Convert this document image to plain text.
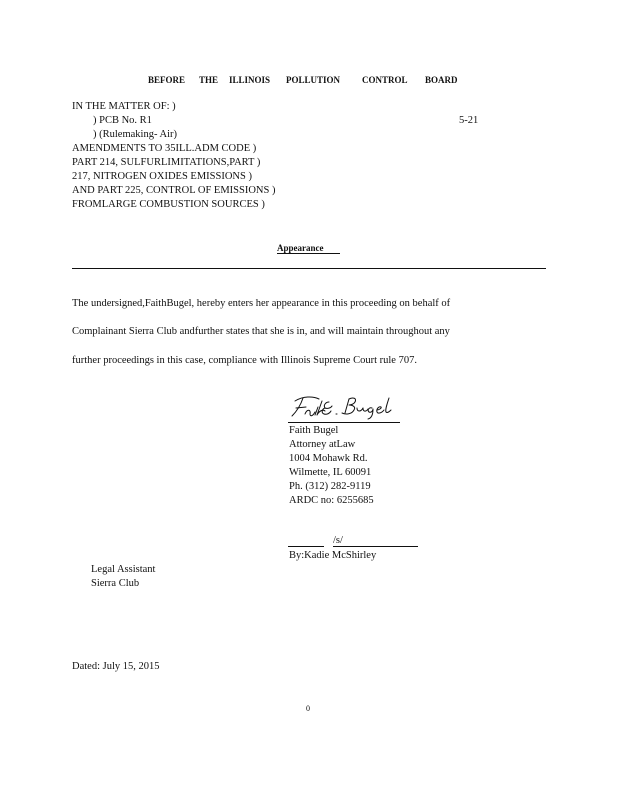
BEFORE THE ILLINOIS POLLUTION CONTROL BOARD
IN THE MATTER OF: )
) PCB No. R1	5-21
) (Rulemaking- Air)
AMENDMENTS TO 35ILL.ADM CODE )
PART 214, SULFURLIMITATIONS,PART )
217, NITROGEN OXIDES EMISSIONS )
AND PART 225, CONTROL OF EMISSIONS )
FROMLARGE COMBUSTION SOURCES )
Appearance
The undersigned,FaithBugel, hereby enters her appearance in this proceeding on behalf of
Complainant Sierra Club andfurther states that she is in, and will maintain throughout any
further proceedings in this case, compliance with Illinois Supreme Court rule 707.
Faith Bugel
Attorney atLaw
1004 Mohawk Rd.
Wilmette, IL 60091
Ph. (312) 282-9119
ARDC no: 6255685
/s/
By:Kadie McShirley
Legal Assistant
Sierra Club
Dated: July 15, 2015
0
